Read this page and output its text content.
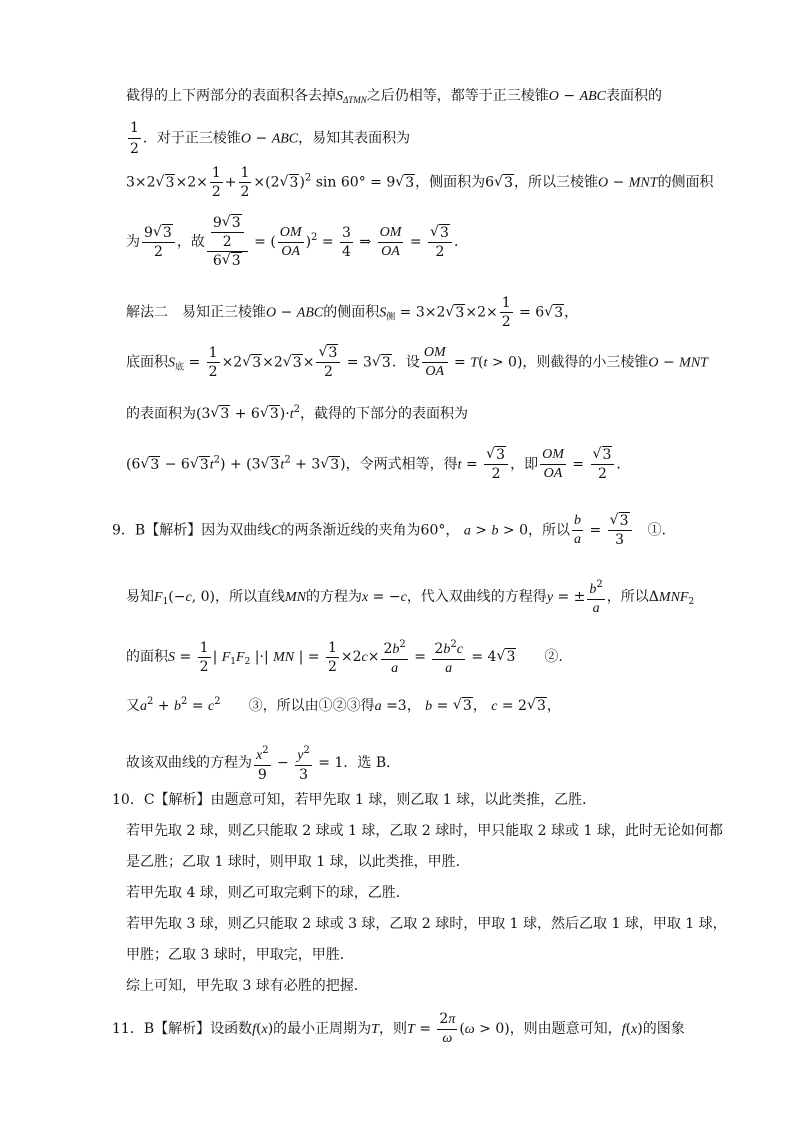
截得的上下两部分的表面积各去掉$S_{\Delta TMN}$之后仍相等，都等于正三棱锥O − ABC表面积的
$\frac{1}{2}$ ．对于正三棱锥O − ABC，易知其表面积为
3×2√ $3\times 2\times \frac{1}{2} + \frac{1}{2} \times(2√$ 3)$^2$ sin 60° = 9√ 3，侧面积为6√ 3，所以三棱锥O − MNT的侧面积
为 $\frac{9√ 3}{2}$ ，故 $\frac{\frac{9√ 3}{2}}{6√ 3}$ = ( $\frac{OM}{OA} )^2 = \frac{3}{4}$ ⇒ $\frac{OM}{OA}$ =
√ $\frac{3}{2}$ ．
解法二　易知正三棱锥O − ABC的侧面积$S_侧 = 3\times 2√$ $3\times 2\times \frac{1}{2} = 6√$ 3，
底面积$S_底 = \frac{1}{2} \times 2√$ 3×2√ 3×
√ $\frac{3}{2} = 3√$ 3．设 $\frac{OM}{OA} = T(t > 0)$，则截得的小三棱锥O − MNT
的表面积为(3√ 3 + 6√ $3)\cdot t^2$，截得的下部分的表面积为
(6√ 3 − 6√ $3t^2) + (3√$ $3t^2 + 3√$ 3)，令两式相等，得t =
√ $\frac{3}{2}$ ，即 $\frac{OM}{OA}$ =
√ $\frac{3}{2}$ ．
9．B【解析】因为双曲线C的两条渐近线的夹角为60°， a > b > 0，所以 $\frac{b}{a}$ =
√ $\frac{3}{3}$
　 ①.
易知$F_1(-c$, 0)，所以直线MN的方程为x = −c，代入双曲线的方程得y = ± $\frac{b^2}{a}$ ，所以$\Delta MNF_2$
的面积$S = \frac{1}{2}$ | $F_1F_2$ |·| MN | = $\frac{1}{2} \times 2c\times \frac{2b^2}{a} = \frac{2b^2c}{a} = 4√$ 3　　 ②.
又$a^2 + b^2 = c^2$　　 ③，所以由①②③得a =3， b = √ 3， c = 2√ 3，
故该双曲线的方程为 $\frac{x^2}{9} - \frac{y^2}{3} = 1$．选 B．
10．C【解析】由题意可知，若甲先取 1 球，则乙取 1 球，以此类推，乙胜．
若甲先取 2 球，则乙只能取 2 球或 1 球，乙取 2 球时，甲只能取 2 球或 1 球，此时无论如何都
是乙胜；乙取 1 球时，则甲取 1 球，以此类推，甲胜．
若甲先取 4 球，则乙可取完剩下的球，乙胜．
若甲先取 3 球，则乙只能取 2 球或 3 球，乙取 2 球时，甲取 1 球，然后乙取 1 球，甲取 1 球，
甲胜；乙取 3 球时，甲取完，甲胜．
综上可知，甲先取 3 球有必胜的把握．
11．B【解析】设函数f(x)的最小正周期为T，则$T = \frac{2\pi}{\omega} (\omega > 0)$，则由题意可知，f(x)的图象
